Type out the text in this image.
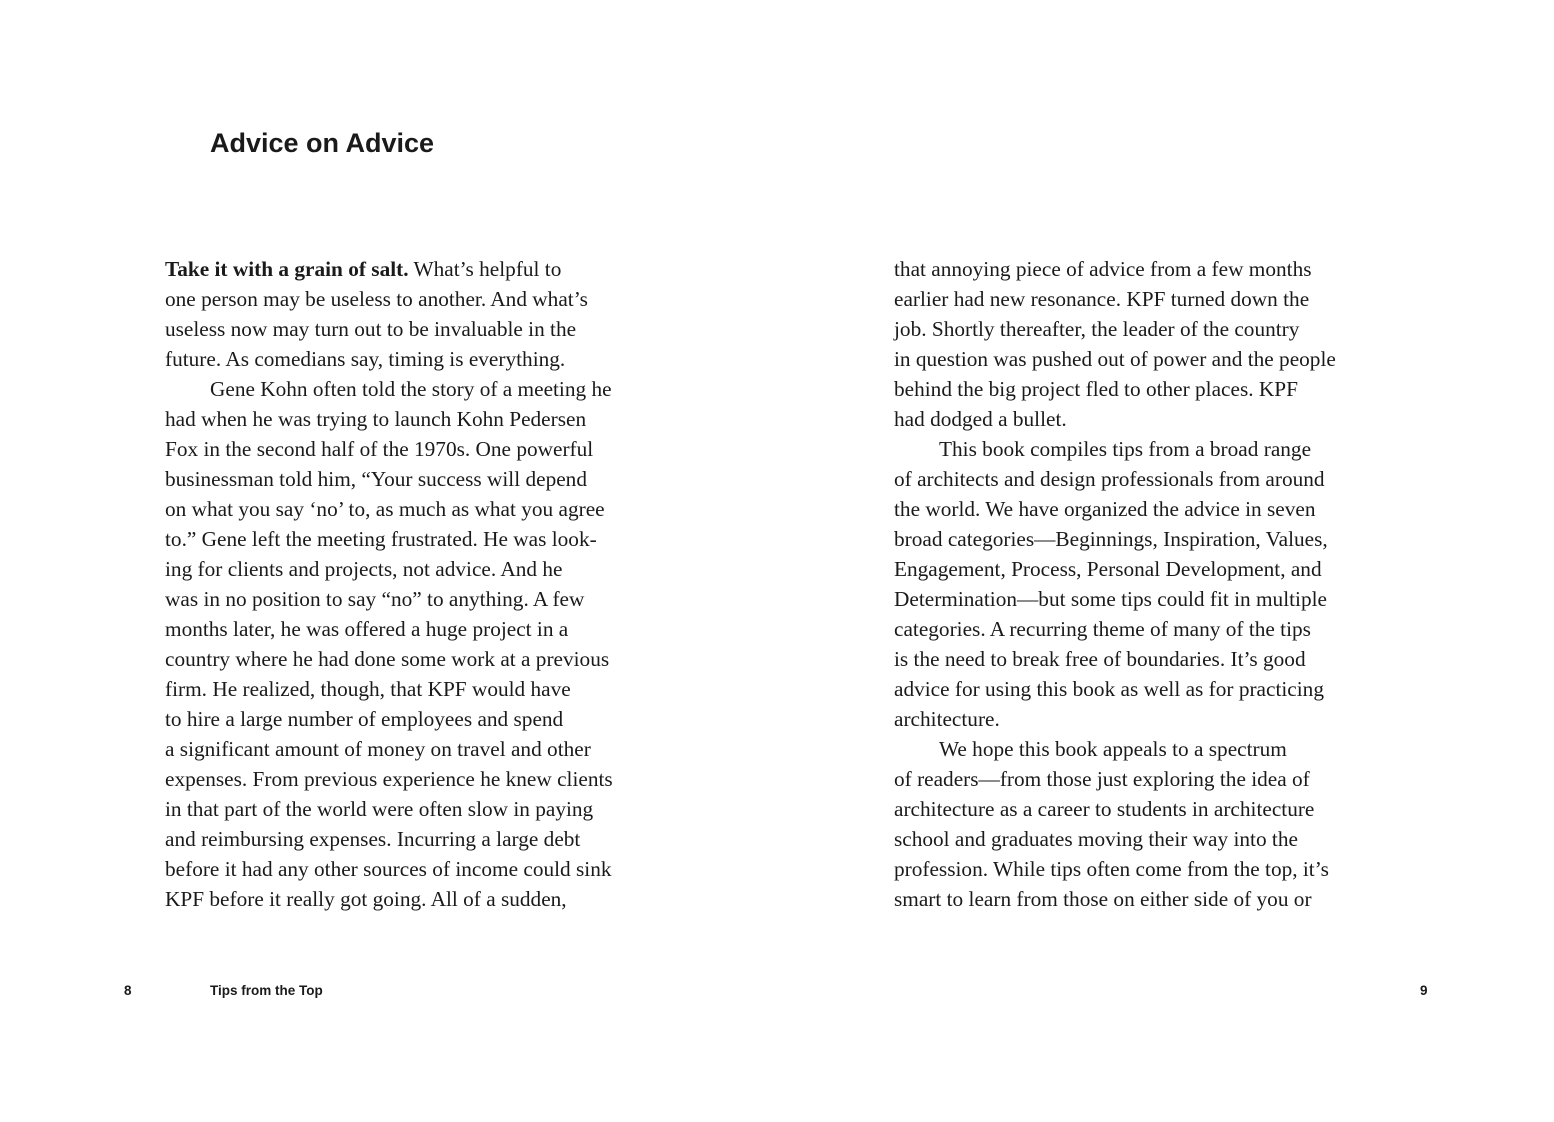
Advice on Advice
Take it with a grain of salt. What’s helpful to
one person may be useless to another. And what’s
useless now may turn out to be invaluable in the
future. As comedians say, timing is everything.
Gene Kohn often told the story of a meeting he
had when he was trying to launch Kohn Pedersen
Fox in the second half of the 1970s. One powerful
businessman told him, “Your success will depend
on what you say ‘no’ to, as much as what you agree
to.” Gene left the meeting frustrated. He was look-
ing for clients and projects, not advice. And he
was in no position to say “no” to anything. A few
months later, he was offered a huge project in a
country where he had done some work at a previous
firm. He realized, though, that KPF would have
to hire a large number of employees and spend
a significant amount of money on travel and other
expenses. From previous experience he knew clients
in that part of the world were often slow in paying
and reimbursing expenses. Incurring a large debt
before it had any other sources of income could sink
KPF before it really got going. All of a sudden,
that annoying piece of advice from a few months
earlier had new resonance. KPF turned down the
job. Shortly thereafter, the leader of the country
in question was pushed out of power and the people
behind the big project fled to other places. KPF
had dodged a bullet.
This book compiles tips from a broad range
of architects and design professionals from around
the world. We have organized the advice in seven
broad categories—Beginnings, Inspiration, Values,
Engagement, Process, Personal Development, and
Determination—but some tips could fit in multiple
categories. A recurring theme of many of the tips
is the need to break free of boundaries. It’s good
advice for using this book as well as for practicing
architecture.
We hope this book appeals to a spectrum
of readers—from those just exploring the idea of
architecture as a career to students in architecture
school and graduates moving their way into the
profession. While tips often come from the top, it’s
smart to learn from those on either side of you or
8	Tips from the Top	9
